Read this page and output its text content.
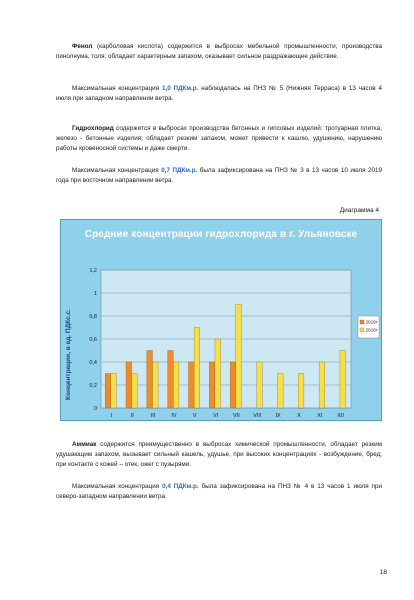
Фенол (карболовая кислота) содержится в выбросах мебельной промышленности, производства пинолеума, толя; обладает характерным запахом, оказывает сильное раздражающее действие.
Максимальная концентрация 1,0 ПДКм.р. наблюдалась на ПНЗ № 5 (Нижняя Терраса) в 13 часов 4 июля при западном направлении ветра.
Гидрохлорид содержится в выбросах производства бетонных и гипсовых изделий: тротуарная плитка, железо - бетонные изделия; обладает резким запахом, может привести к кашлю, удушению, нарушению работы кровеносной системы и даже смерти.
Максимальная концентрация 0,7 ПДКм.р. была зафиксирована на ПНЗ № 3 в 13 часов 10 июля 2019 года при восточном направлении ветра.
Диаграмма 4
Средние концентрации гидрохлорида в г. Ульяновске
Концентрации, в ед. ПДКс.с.
0
0,2
0,4
0,6
0,8
1
1,2
I	II	III	IV	V	VI	VII VIII	IX	X	XI	XII
2019г
2018г
Аммиак содержится преимущественно в выбросах химической промышленности, обладает резким удушающим запахом, вызывает сильный кашель, удушье, при высоких концентрациях - возбуждение, бред; при контакте с кожей – отек, ожег с пузырями.
Максимальная концентрация 0,4 ПДКм.р. была зафиксирована на ПНЗ № 4 в 13 часов 1 июля при северо-западном направлении ветра.
18
